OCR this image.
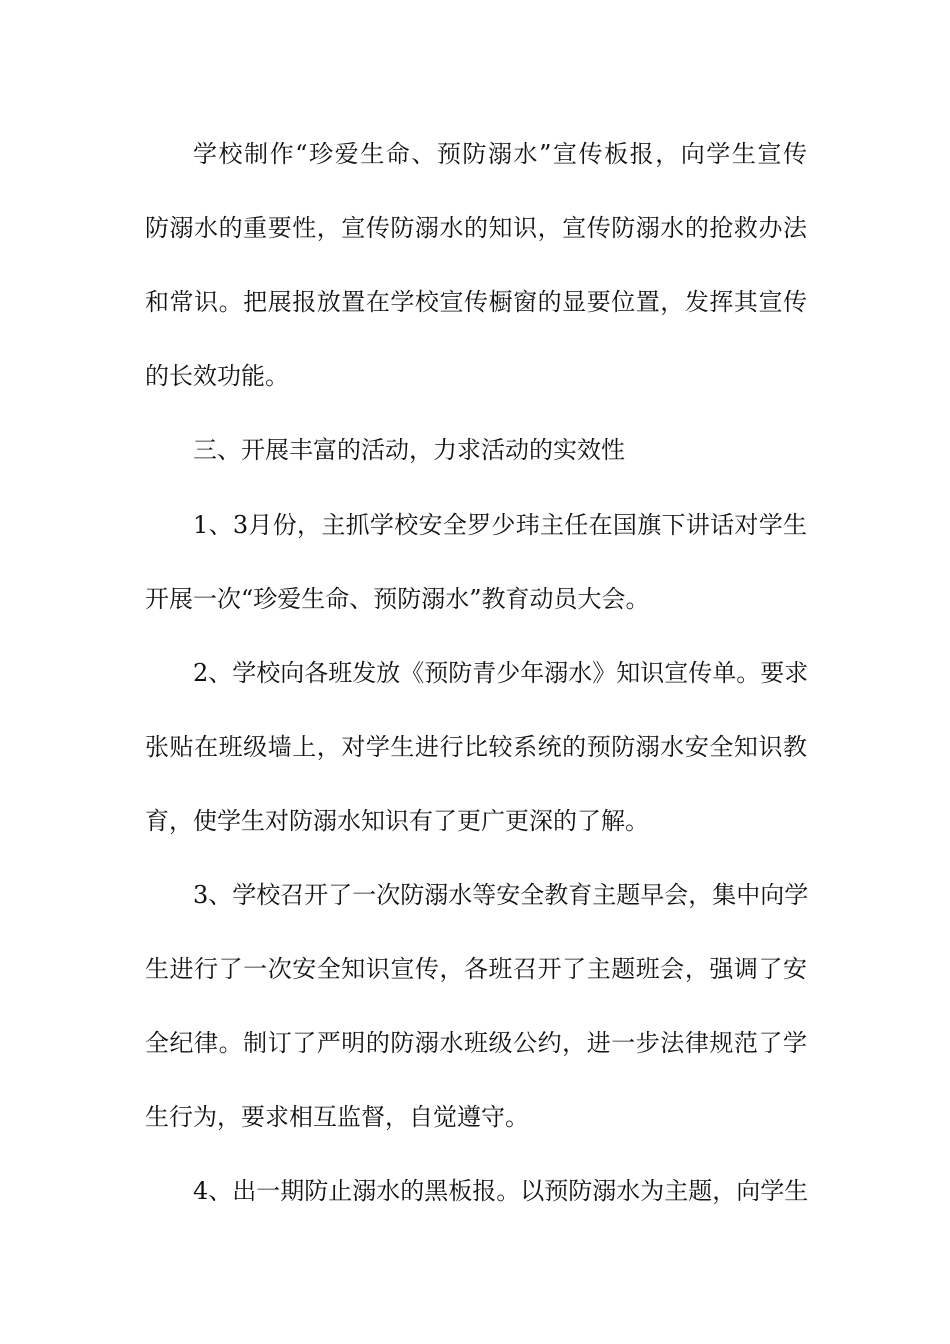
学校制作“珍爱生命、预防溺水”宣传板报，向学生宣传
防溺水的重要性，宣传防溺水的知识，宣传防溺水的抢救办法
和常识。把展报放置在学校宣传橱窗的显要位置，发挥其宣传
的长效功能。
三、开展丰富的活动，力求活动的实效性
1、3月份，主抓学校安全罗少玮主任在国旗下讲话对学生
开展一次“珍爱生命、预防溺水”教育动员大会。
2、学校向各班发放《预防青少年溺水》知识宣传单。要求
张贴在班级墙上，对学生进行比较系统的预防溺水安全知识教
育，使学生对防溺水知识有了更广更深的了解。
3、学校召开了一次防溺水等安全教育主题早会，集中向学
生进行了一次安全知识宣传，各班召开了主题班会，强调了安
全纪律。制订了严明的防溺水班级公约，进一步法律规范了学
生行为，要求相互监督，自觉遵守。
4、出一期防止溺水的黑板报。以预防溺水为主题，向学生
